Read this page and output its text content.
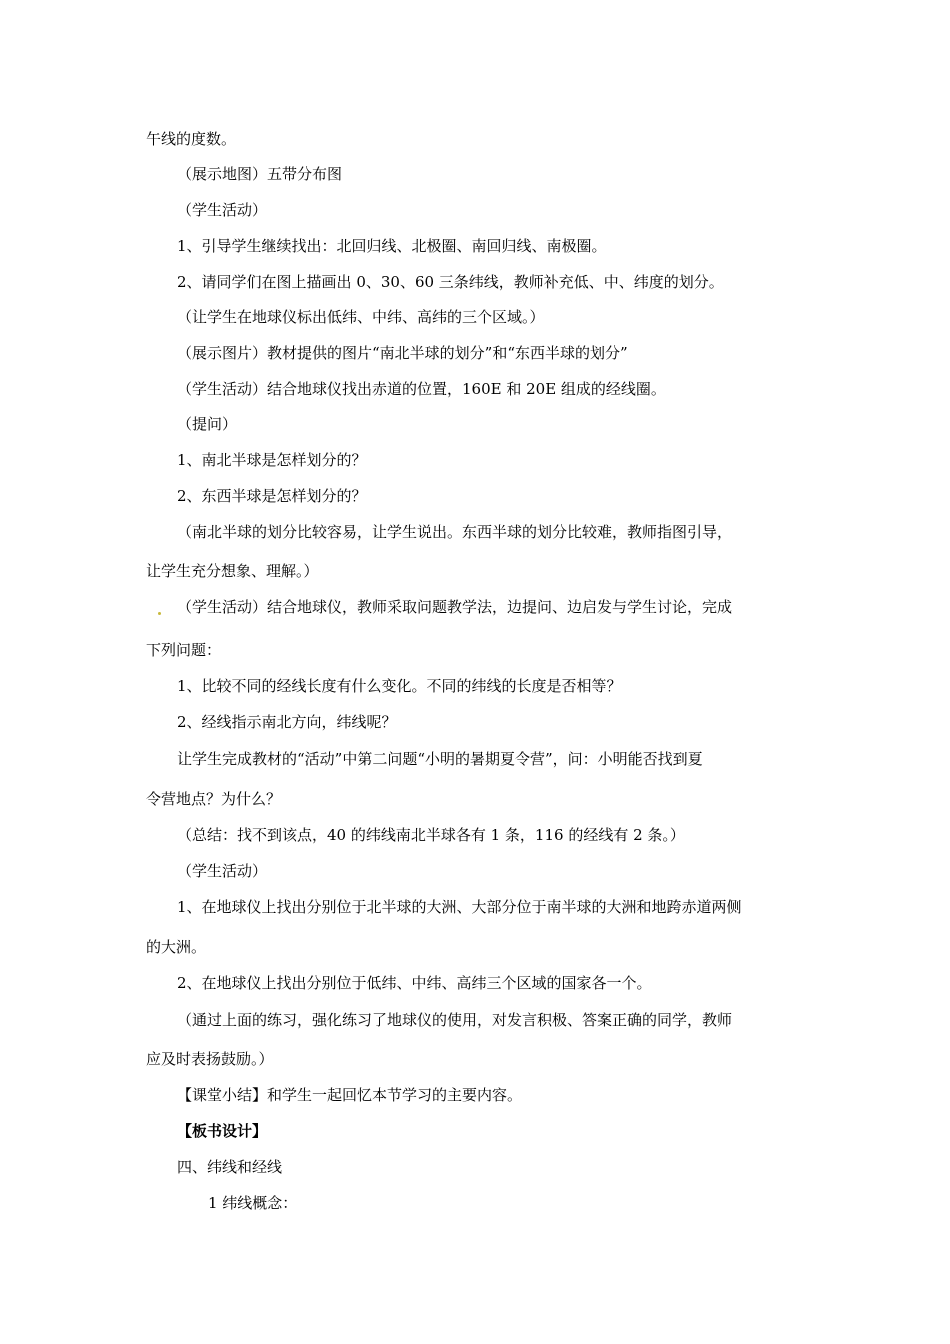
午线的度数。
（展示地图）五带分布图
（学生活动）
1、引导学生继续找出：北回归线、北极圈、南回归线、南极圈。
2、请同学们在图上描画出 0、30、60 三条纬线，教师补充低、中、纬度的划分。
（让学生在地球仪标出低纬、中纬、高纬的三个区域。）
（展示图片）教材提供的图片“南北半球的划分”和“东西半球的划分”
（学生活动）结合地球仪找出赤道的位置，160E 和 20E 组成的经线圈。
（提问）
1、南北半球是怎样划分的？
2、东西半球是怎样划分的？
（南北半球的划分比较容易，让学生说出。东西半球的划分比较难，教师指图引导，
让学生充分想象、理解。）
（学生活动）结合地球仪，教师采取问题教学法，边提问、边启发与学生讨论，完成
下列问题：
1、比较不同的经线长度有什么变化。不同的纬线的长度是否相等？
2、经线指示南北方向，纬线呢？
让学生完成教材的“活动”中第二问题“小明的暑期夏令营”，问：小明能否找到夏
令营地点？为什么？
（总结：找不到该点，40 的纬线南北半球各有 1 条，116 的经线有 2 条。）
（学生活动）
1、在地球仪上找出分别位于北半球的大洲、大部分位于南半球的大洲和地跨赤道两侧
的大洲。
2、在地球仪上找出分别位于低纬、中纬、高纬三个区域的国家各一个。
（通过上面的练习，强化练习了地球仪的使用，对发言积极、答案正确的同学，教师
应及时表扬鼓励。）
【课堂小结】和学生一起回忆本节学习的主要内容。
【板书设计】
四、纬线和经线
1 纬线概念：
